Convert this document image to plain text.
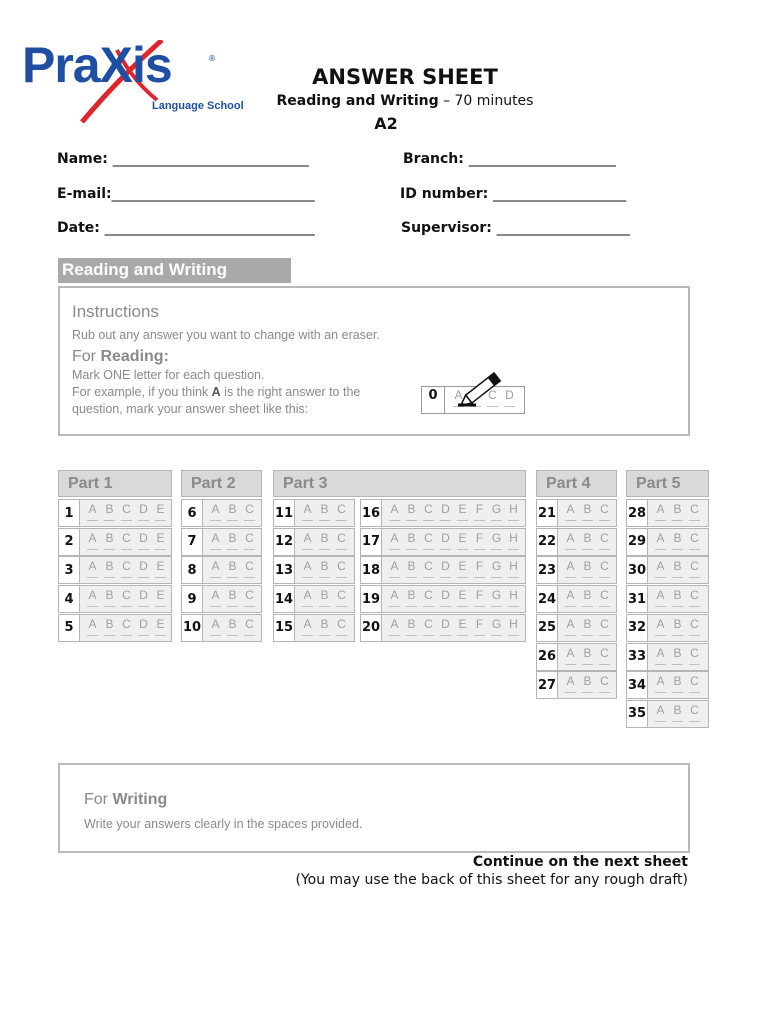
PraXis	®
Language School
ANSWER SHEET
Reading and Writing – 70 minutes
A2
Name: ____________________________	Branch: _____________________
E-mail:_____________________________	ID number: ___________________
Date: ______________________________	Supervisor: ___________________
Reading and Writing
Instructions
Rub out any answer you want to change with an eraser.
For Reading:
Mark ONE letter for each question.
For example, if you think A is the right answer to the
question, mark your answer sheet like this:
0	A	C D
Part 1	Part 2	Part 3	Part 4	Part 5
1	A B C D E
2	A B C D E
3	A B C D E
4	A B C D E
5	A B C D E
6	A B C
7	A B C
8	A B C
9	A B C
10 A B C
11 A B C
12 A B C
13 A B C
14 A B C
15 A B C
16 A B C D E F G H
17 A B C D E F G H
18 A B C D E F G H
19 A B C D E F G H
20 A B C D E F G H
21 A B C
22 A B C
23 A B C
24 A B C
25 A B C
26 A B C
27 A B C
28 A B C
29 A B C
30 A B C
31 A B C
32 A B C
33 A B C
34 A B C
35 A B C
For Writing
Write your answers clearly in the spaces provided.
Continue on the next sheet
(You may use the back of this sheet for any rough draft)
